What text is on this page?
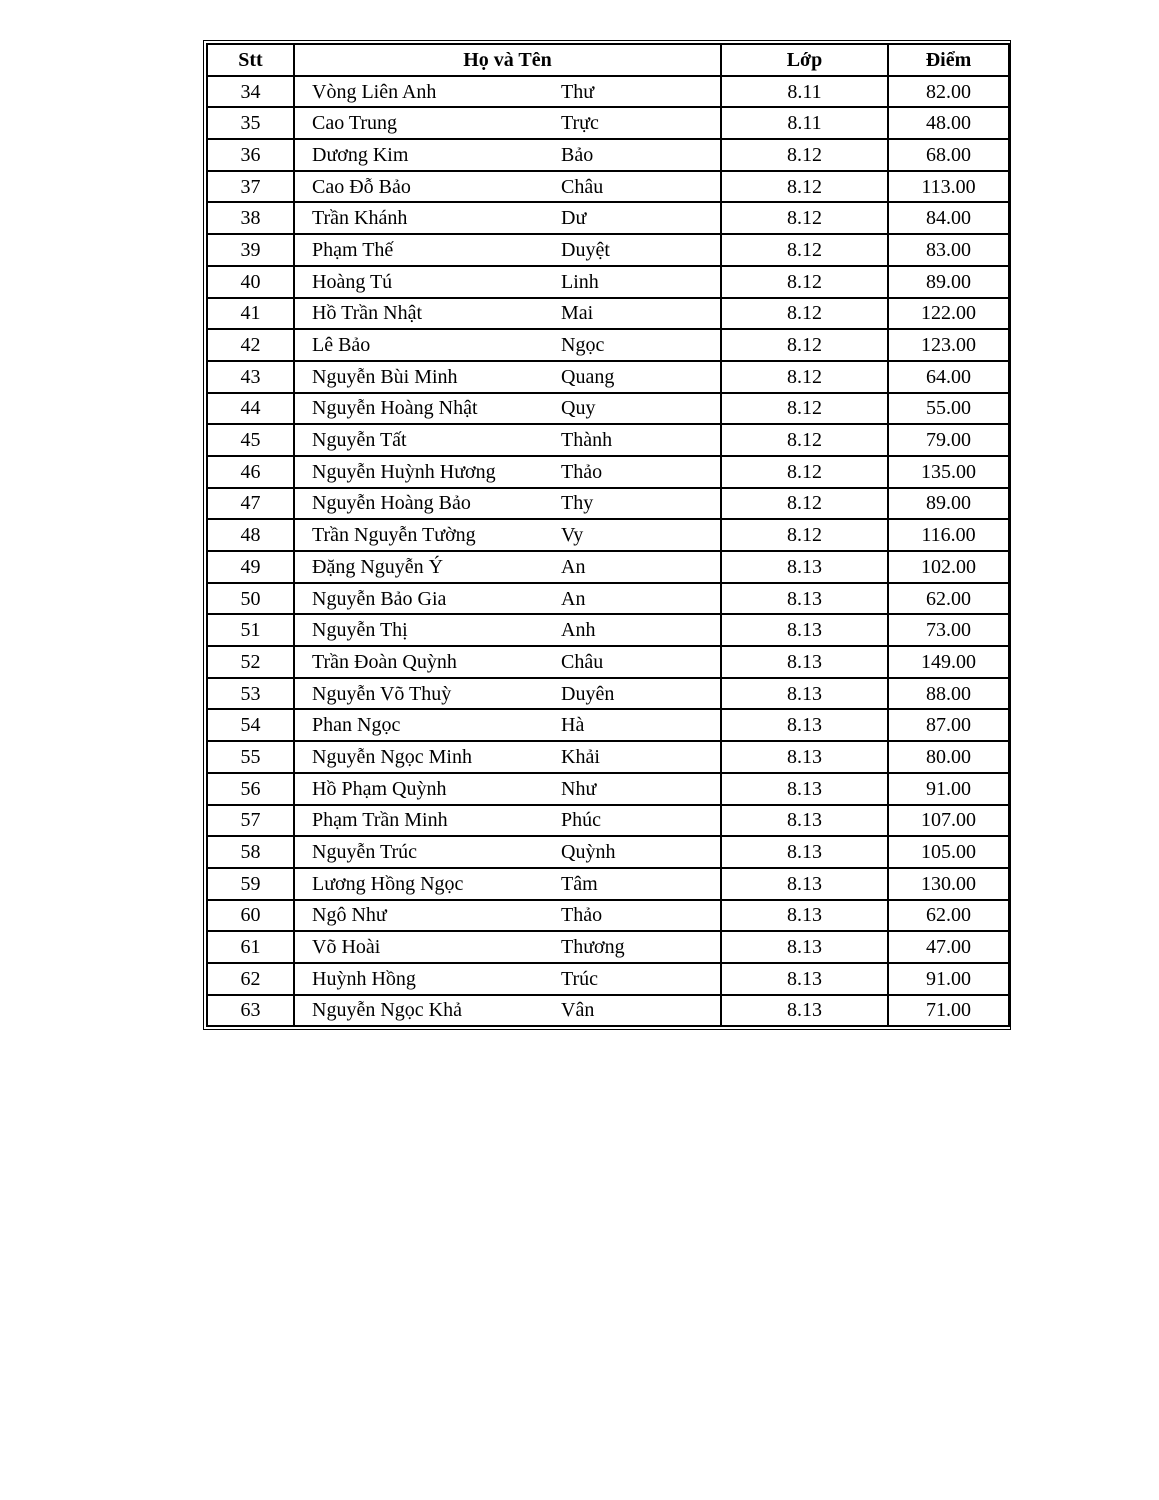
Stt	Họ và Tên	Lớp	Điểm
34	Vòng Liên Anh Thư	8.11	82.00
35	Cao Trung Trực	8.11	48.00
36	Dương Kim Bảo	8.12	68.00
37	Cao Đỗ Bảo Châu	8.12	113.00
38	Trần Khánh Dư	8.12	84.00
39	Phạm Thế Duyệt	8.12	83.00
40	Hoàng Tú Linh	8.12	89.00
41	Hồ Trần Nhật Mai	8.12	122.00
42	Lê Bảo Ngọc	8.12	123.00
43	Nguyễn Bùi Minh Quang	8.12	64.00
44	Nguyễn Hoàng Nhật Quy	8.12	55.00
45	Nguyễn Tất Thành	8.12	79.00
46	Nguyễn Huỳnh Hương Thảo	8.12	135.00
47	Nguyễn Hoàng Bảo Thy	8.12	89.00
48	Trần Nguyễn Tường Vy	8.12	116.00
49	Đặng Nguyễn Ý An	8.13	102.00
50	Nguyễn Bảo Gia An	8.13	62.00
51	Nguyễn Thị Anh	8.13	73.00
52	Trần Đoàn Quỳnh Châu	8.13	149.00
53	Nguyễn Võ Thuỳ Duyên	8.13	88.00
54	Phan Ngọc Hà	8.13	87.00
55	Nguyễn Ngọc Minh Khải	8.13	80.00
56	Hồ Phạm Quỳnh Như	8.13	91.00
57	Phạm Trần Minh Phúc	8.13	107.00
58	Nguyễn Trúc Quỳnh	8.13	105.00
59	Lương Hồng Ngọc Tâm	8.13	130.00
60	Ngô Như Thảo	8.13	62.00
61	Võ Hoài Thương	8.13	47.00
62	Huỳnh Hồng Trúc	8.13	91.00
63	Nguyễn Ngọc Khả Vân	8.13	71.00
